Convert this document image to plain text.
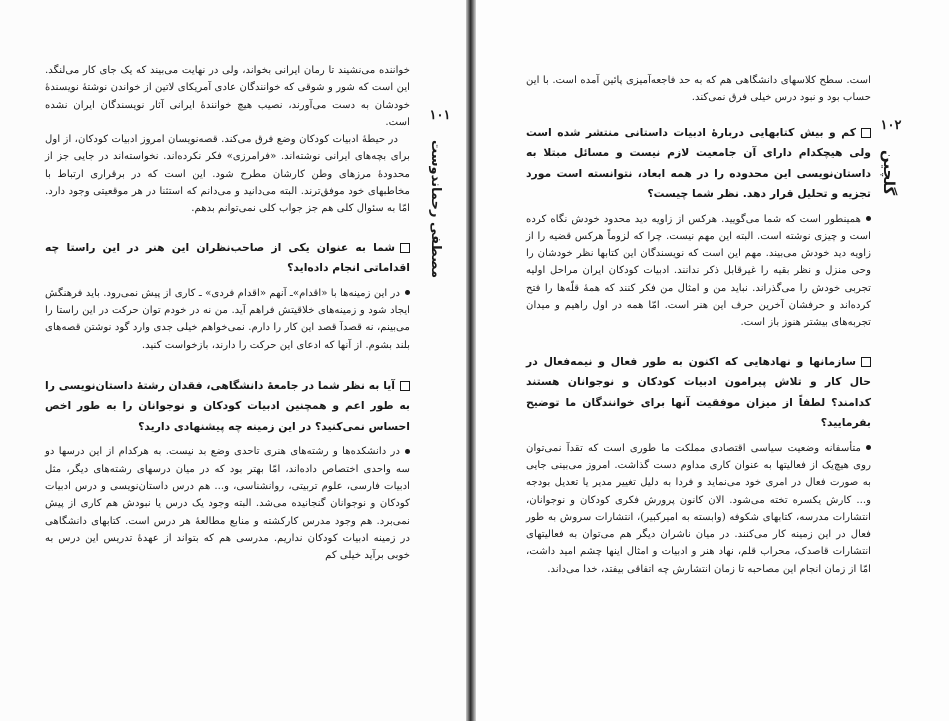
۱۰۱
مصطفی رحماندوست

خوانند‌ه می‌نشیند تا رمان ایرانی بخواند، ولی در نهایت می‌بیند که یک جای کار می‌لنگد. این است که شور و شوقی که خوانندگان عادی آمریکای لاتین از خواندن نوشتهٔ نویسندهٔ خودشان به دست می‌آورند، نصیب هیچ خوانندهٔ ایرانی آثار نویسندگان ایران نشده است.

در حیطهٔ ادبیات کودکان وضع فرق می‌کند. قصه‌نویسان امروز ادبیات کودکان، از اول برای بچه‌های ایرانی نوشته‌اند. «فرامرزی» فکر نکرده‌اند. نخواسته‌اند در جایی جز از محدودهٔ مرزهای وطن کارشان مطرح شود. این است که در برقراری ارتباط با مخاطبهای خود موفق‌ترند. البته می‌دانید و می‌دانم که استثنا در هر موقعیتی وجود دارد. امّا به سئوال کلی هم جز جواب کلی نمی‌توانم بدهم.

شما به عنوان یکی از صاحب‌نظران این هنر در این راستا چه اقداماتی انجام داده‌اید؟
در این زمینه‌ها با «اقدام»ـ آنهم «اقدام فردی» ـ کاری از پیش نمی‌رود. باید فرهنگش ایجاد شود و زمینه‌های خلاقیتش فراهم آید. من نه در خودم توان حرکت در این راستا را می‌بینم، نه قصدآ قصد این کار را دارم. نمی‌خواهم خیلی جدی وارد گود نوشتن قصه‌های بلند بشوم. از آنها که ادعای این حرکت را دارند، بازخواست کنید.
آیا به نظر شما در جامعهٔ دانشگاهی، فقدان رشتهٔ داستان‌نویسی را به طور اعم و همچنین ادبیات کودکان و نوجوانان را به طور اخص احساس نمی‌کنید؟ در این زمینه چه پیشنهادی دارید؟
در دانشکده‌ها و رشته‌های هنری تاحدی وضع بد نیست. به هرکدام از این درسها دو سه واحدی اختصاص داده‌اند، امّا بهتر بود که در میان درسهای رشته‌های دیگر، مثل ادبیات فارسی، علوم تربیتی، روانشناسی، و... هم درس داستان‌نویسی و درس ادبیات کودکان و نوجوانان گنجانیده می‌شد. البته وجود یک درس یا نبودش هم کاری از پیش نمی‌برد. هم وجود مدرس کارکشته و منابع مطالعهٔ هر درس است. کتابهای دانشگاهی در زمینه ادبیات کودکان نداریم. مدرسی هم که بتواند از عهدهٔ تدریس این درس به خوبی برآید خیلی کم
۱۰۲
گلچین

است. سطح کلاسهای دانشگاهی هم که به حد فاجعه‌آمیزی پائین آمده است. با این حساب بود و نبود درس خیلی فرق نمی‌کند.

کم و بیش کتابهایی دربارهٔ ادبیات داستانی منتشر شده است ولی هیچکدام دارای آن جامعیت لازم نیست و مسائل مبتلا به داستان‌نویسی این محدوده را در همه ابعاد، نتوانسته است مورد تجزیه و تحلیل قرار دهد. نظر شما چیست؟
همینطور است که شما می‌گویید. هرکس از زاویه دید محدود خودش نگاه کرده است و چیزی نوشته است. البته این مهم نیست. چرا که لزوماً هرکس قضیه را از زاویه دید خودش می‌بیند. مهم این است که نویسندگان این کتابها نظر خودشان را وحی منزل و نظر بقیه را غیرقابل ذکر ندانند. ادبیات کودکان ایران مراحل اولیه تجربی خودش را می‌گذراند. نباید من و امثال من فکر کنند که همهٔ قلّه‌ها را فتح کرده‌اند و حرفشان آخرین حرف این هنر است. امّا همه در اول راهیم و میدان تجربه‌های بیشتر هنوز باز است.
سازمانها و نهادهایی که اکنون به طور فعال و نیمه‌فعال در حال کار و تلاش پیرامون ادبیات کودکان و نوجوانان هستند کدامند؟ لطفاً از میزان موفقیت آنها برای خوانندگان ما توضیح بفرمایید؟
متأسفانه وضعیت سیاسی اقتصادی مملکت ما طوری است که تقدآ نمی‌توان روی هیچ‌یک از فعالیتها به عنوان کاری مداوم دست گذاشت. امروز می‌بینی جایی به صورت فعال در امری خود می‌نماید و فردا به دلیل تغییر مدیر یا تعدیل بودجه و... کارش یکسره تخته می‌شود. الان کانون پرورش فکری کودکان و نوجوانان، انتشارات مدرسه، کتابهای شکوفه (وابسته به امیرکبیر)، انتشارات سروش به طور فعال در این زمینه کار می‌کنند. در میان ناشران دیگر هم می‌توان به فعالیتهای انتشارات قاصدک، محراب قلم، نهاد هنر و ادبیات و امثال اینها چشم امید داشت، امّا از زمان انجام این مصاحبه تا زمان انتشارش چه اتفاقی بیفتد، خدا می‌داند.
